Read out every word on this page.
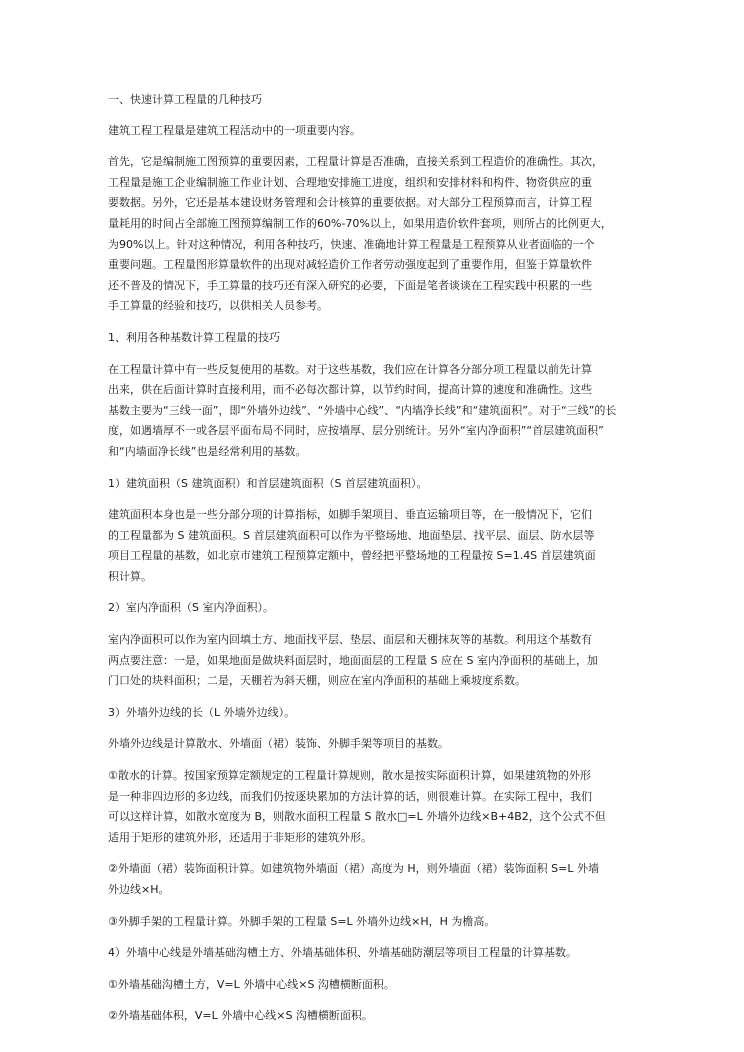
一、快速计算工程量的几种技巧

建筑工程工程量是建筑工程活动中的一项重要内容。

首先，它是编制施工图预算的重要因素，工程量计算是否准确，直接关系到工程造价的准确性。其次，
工程量是施工企业编制施工作业计划、合理地安排施工进度，组织和安排材料和构件、物资供应的重
要数据。另外，它还是基本建设财务管理和会计核算的重要依据。对大部分工程预算而言，计算工程
量耗用的时间占全部施工图预算编制工作的60%-70%以上，如果用造价软件套项，则所占的比例更大，
为90%以上。针对这种情况，利用各种技巧，快速、准确地计算工程量是工程预算从业者面临的一个
重要问题。工程量图形算量软件的出现对减轻造价工作者劳动强度起到了重要作用，但鉴于算量软件
还不普及的情况下，手工算量的技巧还有深入研究的必要，下面是笔者谈谈在工程实践中积累的一些
手工算量的经验和技巧，以供相关人员参考。

1、利用各种基数计算工程量的技巧

在工程量计算中有一些反复使用的基数。对于这些基数，我们应在计算各分部分项工程量以前先计算
出来，供在后面计算时直接利用，而不必每次都计算，以节约时间，提高计算的速度和准确性。这些
基数主要为“三线一面”，即“外墙外边线”、“外墙中心线”、“内墙净长线”和“建筑面积”。对于“三线”的长
度，如遇墙厚不一或各层平面布局不同时，应按墙厚、层分别统计。另外“室内净面积”“首层建筑面积”
和“内墙面净长线”也是经常利用的基数。

1）建筑面积（S 建筑面积）和首层建筑面积（S 首层建筑面积）。

建筑面积本身也是一些分部分项的计算指标，如脚手架项目、垂直运输项目等，在一般情况下，它们
的工程量都为 S 建筑面积。S 首层建筑面积可以作为平整场地、地面垫层、找平层、面层、防水层等
项目工程量的基数，如北京市建筑工程预算定额中，曾经把平整场地的工程量按 S=1.4S 首层建筑面
积计算。

2）室内净面积（S 室内净面积）。

室内净面积可以作为室内回填土方、地面找平层、垫层、面层和天棚抹灰等的基数。利用这个基数有
两点要注意：一是，如果地面是做块料面层时，地面面层的工程量 S 应在 S 室内净面积的基础上，加
门口处的块料面积；二是，天棚若为斜天棚，则应在室内净面积的基础上乘坡度系数。

3）外墙外边线的长（L 外墙外边线）。

外墙外边线是计算散水、外墙面（裙）装饰、外脚手架等项目的基数。

①散水的计算。按国家预算定额规定的工程量计算规则，散水是按实际面积计算，如果建筑物的外形
是一种非四边形的多边线，而我们仍按逐块累加的方法计算的话，则很难计算。在实际工程中，我们
可以这样计算，如散水宽度为 B，则散水面积工程量 S 散水□=L 外墙外边线×B+4B2，这个公式不但
适用于矩形的建筑外形，还适用于非矩形的建筑外形。

②外墙面（裙）装饰面积计算。如建筑物外墙面（裙）高度为 H，则外墙面（裙）装饰面积 S=L 外墙
外边线×H。

③外脚手架的工程量计算。外脚手架的工程量 S=L 外墙外边线×H，H 为檐高。

4）外墙中心线是外墙基础沟槽土方、外墙基础体积、外墙基础防潮层等项目工程量的计算基数。

①外墙基础沟槽土方，V=L 外墙中心线×S 沟槽横断面积。

②外墙基础体积，V=L 外墙中心线×S 沟槽横断面积。
